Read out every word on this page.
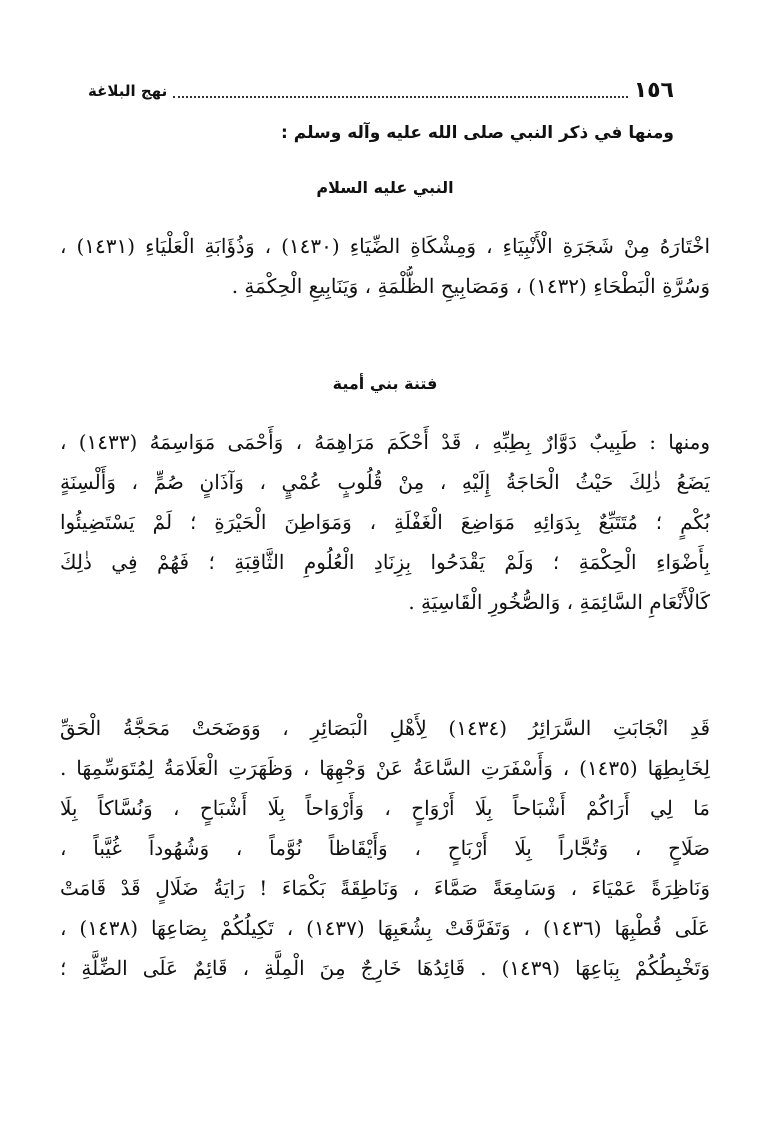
١٥٦
نهج البلاغة
ومنها في ذكر النبي صلى الله عليه وآله وسلم :
النبي عليه السلام
اخْتَارَهُ مِنْ شَجَرَةِ الْأَنْبِيَاءِ ، وَمِشْكَاةِ الضِّيَاءِ (١٤٣٠) ، وَذُؤَابَةِ الْعَلْيَاءِ (١٤٣١) ،
وَسُرَّةِ الْبَطْحَاءِ (١٤٣٢) ، وَمَصَابِيحِ الظُّلْمَةِ ، وَيَنَابِيعِ الْحِكْمَةِ .
فتنة بني أمية
ومنها : طَبِيبٌ دَوَّارٌ بِطِبِّهِ ، قَدْ أَحْكَمَ مَرَاهِمَهُ ، وَأَحْمَى مَوَاسِمَهُ (١٤٣٣) ،
يَضَعُ ذٰلِكَ حَيْثُ الْحَاجَةُ إِلَيْهِ ، مِنْ قُلُوبٍ عُمْيٍ ، وَآذَانٍ صُمٍّ ، وَأَلْسِنَةٍ
بُكْمٍ ؛ مُتَتَبِّعٌ بِدَوَائِهِ مَوَاضِعَ الْغَفْلَةِ ، وَمَوَاطِنَ الْحَيْرَةِ ؛ لَمْ يَسْتَضِيئُوا
بِأَضْوَاءِ الْحِكْمَةِ ؛ وَلَمْ يَقْدَحُوا بِزِنَادِ الْعُلُومِ الثَّاقِبَةِ ؛ فَهُمْ فِي ذٰلِكَ
كَالْأَنْعَامِ السَّائِمَةِ ، وَالصُّخُورِ الْقَاسِيَةِ .
قَدِ انْجَابَتِ السَّرَائِرُ (١٤٣٤) لِأَهْلِ الْبَصَائِرِ ، وَوَضَحَتْ مَحَجَّةُ الْحَقِّ
لِخَابِطِهَا (١٤٣٥) ، وَأَسْفَرَتِ السَّاعَةُ عَنْ وَجْهِهَا ، وَظَهَرَتِ الْعَلَامَةُ لِمُتَوَسِّمِهَا .
مَا لِي أَرَاكُمْ أَشْبَاحاً بِلَا أَرْوَاحٍ ، وَأَرْوَاحاً بِلَا أَشْبَاحٍ ، وَنُسَّاكاً بِلَا
صَلَاحٍ ، وَتُجَّاراً بِلَا أَرْبَاحٍ ، وَأَيْقَاظاً نُوَّماً ، وَشُهُوداً غُيَّباً ،
وَنَاظِرَةً عَمْيَاءَ ، وَسَامِعَةً صَمَّاءَ ، وَنَاطِقَةً بَكْمَاءَ ! رَايَةُ ضَلَالٍ قَدْ قَامَتْ
عَلَى قُطْبِهَا (١٤٣٦) ، وَتَفَرَّقَتْ بِشُعَبِهَا (١٤٣٧) ، تَكِيلُكُمْ بِصَاعِهَا (١٤٣٨) ،
وَتَخْبِطُكُمْ بِبَاعِهَا (١٤٣٩) . قَائِدُهَا خَارِجٌ مِنَ الْمِلَّةِ ، قَائِمٌ عَلَى الضِّلَّةِ ؛
